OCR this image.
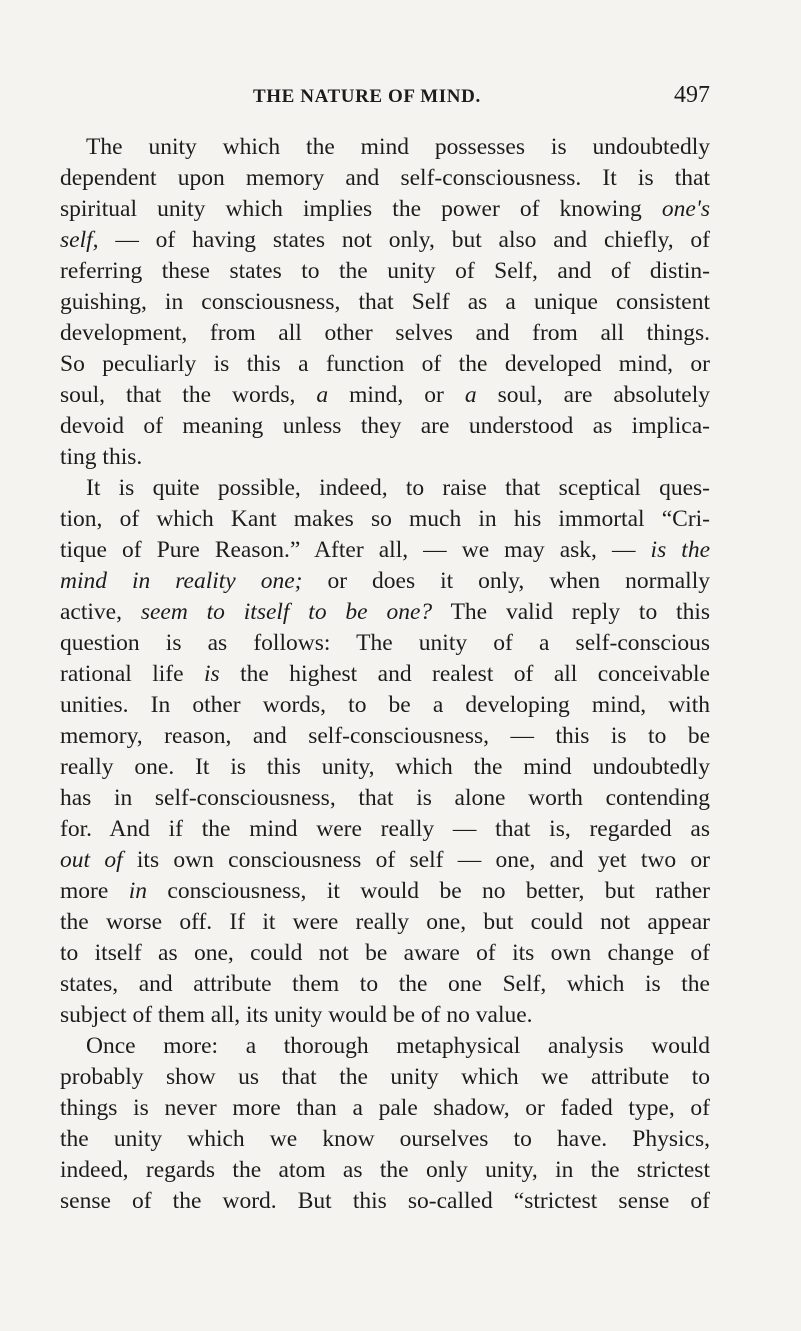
THE NATURE OF MIND.	497
The unity which the mind possesses is undoubtedly
dependent upon memory and self-consciousness. It is that
spiritual unity which implies the power of knowing one's
self, — of having states not only, but also and chiefly, of
referring these states to the unity of Self, and of distin-
guishing, in consciousness, that Self as a unique consistent
development, from all other selves and from all things.
So peculiarly is this a function of the developed mind, or
soul, that the words, a mind, or a soul, are absolutely
devoid of meaning unless they are understood as implica-
ting this.
It is quite possible, indeed, to raise that sceptical ques-
tion, of which Kant makes so much in his immortal “Cri-
tique of Pure Reason.” After all, — we may ask, — is the
mind in reality one; or does it only, when normally
active, seem to itself to be one? The valid reply to this
question is as follows: The unity of a self-conscious
rational life is the highest and realest of all conceivable
unities. In other words, to be a developing mind, with
memory, reason, and self-consciousness, — this is to be
really one. It is this unity, which the mind undoubtedly
has in self-consciousness, that is alone worth contending
for. And if the mind were really — that is, regarded as
out of its own consciousness of self — one, and yet two or
more in consciousness, it would be no better, but rather
the worse off. If it were really one, but could not appear
to itself as one, could not be aware of its own change of
states, and attribute them to the one Self, which is the
subject of them all, its unity would be of no value.
Once more: a thorough metaphysical analysis would
probably show us that the unity which we attribute to
things is never more than a pale shadow, or faded type, of
the unity which we know ourselves to have. Physics,
indeed, regards the atom as the only unity, in the strictest
sense of the word. But this so-called “strictest sense of
